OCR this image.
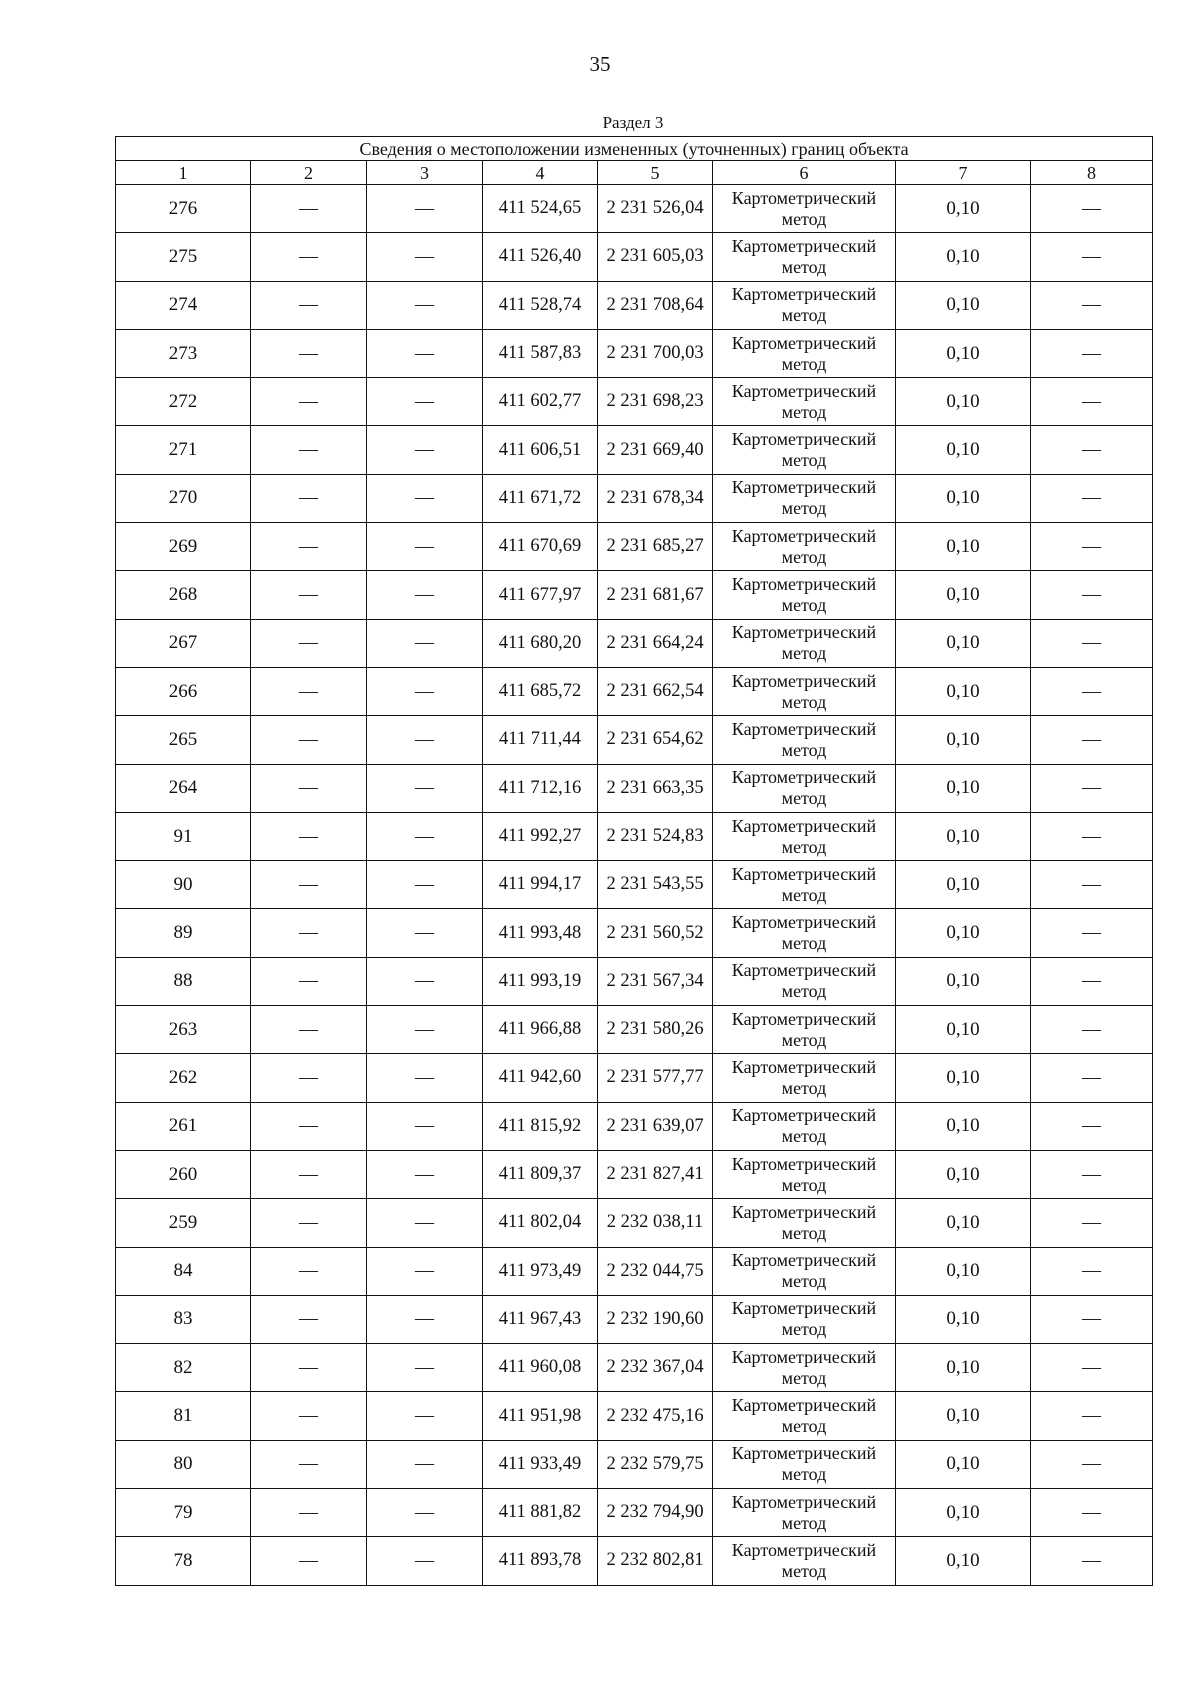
35
Раздел 3
Сведения о местоположении измененных (уточненных) границ объекта							
1	2	3	4	5	6	7	8
276	—	—	411 524,65	2 231 526,04	Картометрический метод	0,10	—
275	—	—	411 526,40	2 231 605,03	Картометрический метод	0,10	—
274	—	—	411 528,74	2 231 708,64	Картометрический метод	0,10	—
273	—	—	411 587,83	2 231 700,03	Картометрический метод	0,10	—
272	—	—	411 602,77	2 231 698,23	Картометрический метод	0,10	—
271	—	—	411 606,51	2 231 669,40	Картометрический метод	0,10	—
270	—	—	411 671,72	2 231 678,34	Картометрический метод	0,10	—
269	—	—	411 670,69	2 231 685,27	Картометрический метод	0,10	—
268	—	—	411 677,97	2 231 681,67	Картометрический метод	0,10	—
267	—	—	411 680,20	2 231 664,24	Картометрический метод	0,10	—
266	—	—	411 685,72	2 231 662,54	Картометрический метод	0,10	—
265	—	—	411 711,44	2 231 654,62	Картометрический метод	0,10	—
264	—	—	411 712,16	2 231 663,35	Картометрический метод	0,10	—
91	—	—	411 992,27	2 231 524,83	Картометрический метод	0,10	—
90	—	—	411 994,17	2 231 543,55	Картометрический метод	0,10	—
89	—	—	411 993,48	2 231 560,52	Картометрический метод	0,10	—
88	—	—	411 993,19	2 231 567,34	Картометрический метод	0,10	—
263	—	—	411 966,88	2 231 580,26	Картометрический метод	0,10	—
262	—	—	411 942,60	2 231 577,77	Картометрический метод	0,10	—
261	—	—	411 815,92	2 231 639,07	Картометрический метод	0,10	—
260	—	—	411 809,37	2 231 827,41	Картометрический метод	0,10	—
259	—	—	411 802,04	2 232 038,11	Картометрический метод	0,10	—
84	—	—	411 973,49	2 232 044,75	Картометрический метод	0,10	—
83	—	—	411 967,43	2 232 190,60	Картометрический метод	0,10	—
82	—	—	411 960,08	2 232 367,04	Картометрический метод	0,10	—
81	—	—	411 951,98	2 232 475,16	Картометрический метод	0,10	—
80	—	—	411 933,49	2 232 579,75	Картометрический метод	0,10	—
79	—	—	411 881,82	2 232 794,90	Картометрический метод	0,10	—
78	—	—	411 893,78	2 232 802,81	Картометрический метод	0,10	—
